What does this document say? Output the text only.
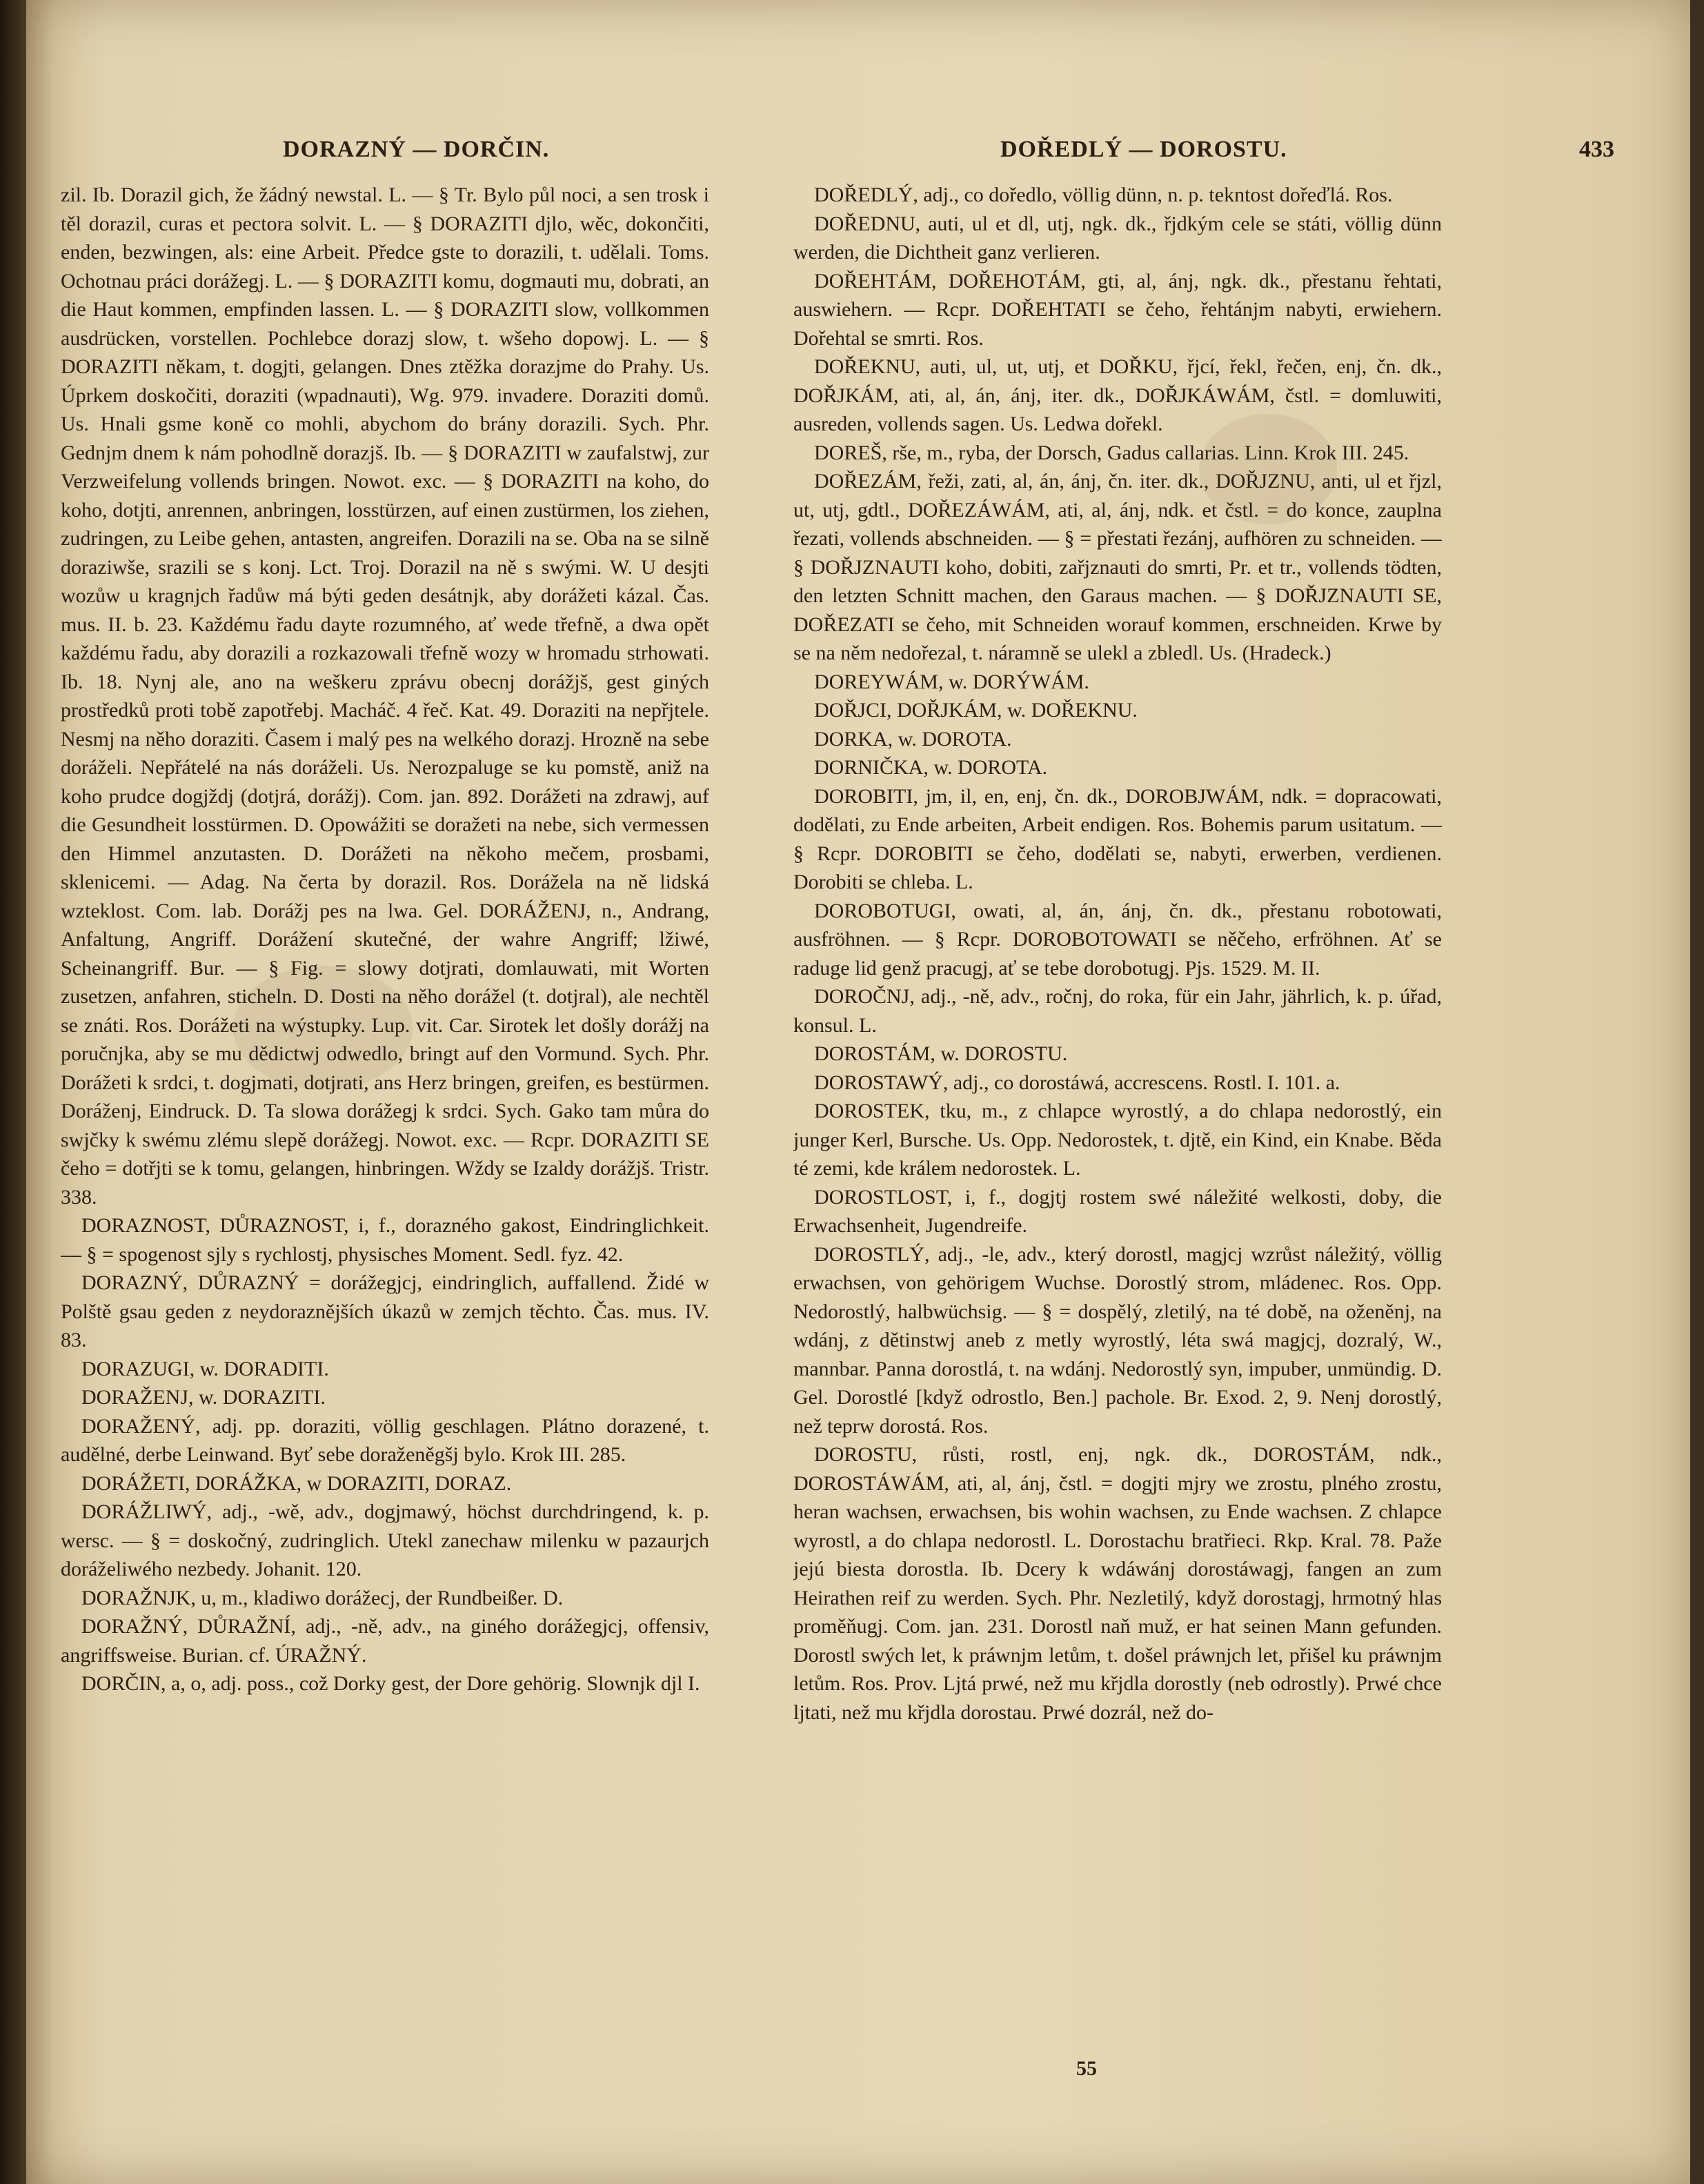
DORAZNÝ — DORČIN.	DOŘEDLÝ — DOROSTU.	433

zil. Ib. Dorazil gich, že žádný newstal. L. — § Tr. Bylo půl noci, a sen trosk i těl dorazil, curas et pectora solvit. L. — § DORAZITI djlo, wěc, dokončiti, enden, bezwingen, als: eine Arbeit. Předce gste to dorazili, t. udělali. Toms. Ochotnau práci dorážegj. L. — § DORAZITI komu, dogmauti mu, dobrati, an die Haut kommen, empfinden lassen. L. — § DORAZITI slow, vollkommen ausdrücken, vorstellen. Pochlebce dorazj slow, t. wšeho dopowj. L. — § DORAZITI někam, t. dogjti, gelangen. Dnes ztěžka dorazjme do Prahy. Us. Úprkem doskočiti, doraziti (wpadnauti), Wg. 979. invadere. Doraziti domů. Us. Hnali gsme koně co mohli, abychom do brány dorazili. Sych. Phr. Gednjm dnem k nám pohodlně dorazjš. Ib. — § DORAZITI w zaufalstwj, zur Verzweifelung vollends bringen. Nowot. exc. — § DORAZITI na koho, do koho, dotjti, anrennen, anbringen, losstürzen, auf einen zustürmen, los ziehen, zudringen, zu Leibe gehen, antasten, angreifen. Dorazili na se. Oba na se silně doraziwše, srazili se s konj. Lct. Troj. Dorazil na ně s swými. W. U desjti wozůw u kragnjch řadůw má býti geden desátnjk, aby dorážeti kázal. Čas. mus. II. b. 23. Každému řadu dayte rozumného, ať wede třefně, a dwa opět každému řadu, aby dorazili a rozkazowali třefně wozy w hromadu strhowati. Ib. 18. Nynj ale, ano na weškeru zprávu obecnj dorážjš, gest giných prostředků proti tobě zapotřebj. Macháč. 4 řeč. Kat. 49. Doraziti na nepřjtele. Nesmj na něho doraziti. Časem i malý pes na welkého dorazj. Hrozně na sebe doráželi. Nepřátelé na nás doráželi. Us. Nerozpaluge se ku pomstě, aniž na koho prudce dogjždj (dotjrá, dorážj). Com. jan. 892. Dorážeti na zdrawj, auf die Gesundheit losstürmen. D. Opowážiti se doražeti na nebe, sich vermessen den Himmel anzutasten. D. Dorážeti na někoho mečem, prosbami, sklenicemi. — Adag. Na čerta by dorazil. Ros. Dorážela na ně lidská wzteklost. Com. lab. Dorážj pes na lwa. Gel. DORÁŽENJ, n., Andrang, Anfaltung, Angriff. Dorážení skutečné, der wahre Angriff; lžiwé, Scheinangriff. Bur. — § Fig. = slowy dotjrati, domlauwati, mit Worten zusetzen, anfahren, sticheln. D. Dosti na něho dorážel (t. dotjral), ale nechtěl se znáti. Ros. Dorážeti na wýstupky. Lup. vit. Car. Sirotek let došly dorážj na poručnjka, aby se mu dědictwj odwedlo, bringt auf den Vormund. Sych. Phr. Dorážeti k srdci, t. dogjmati, dotjrati, ans Herz bringen, greifen, es bestürmen. Doráženj, Eindruck. D. Ta slowa dorážegj k srdci. Sych. Gako tam můra do swjčky k swému zlému slepě dorážegj. Nowot. exc. — Rcpr. DORAZITI SE čeho = dotřjti se k tomu, gelangen, hinbringen. Wždy se Izaldy dorážjš. Tristr. 338.

DORAZNOST, DŮRAZNOST, i, f., dorazného gakost, Eindringlichkeit. — § = spogenost sjly s rychlostj, physisches Moment. Sedl. fyz. 42.

DORAZNÝ, DŮRAZNÝ = dorážegjcj, eindringlich, auffallend. Židé w Polště gsau geden z neydoraznějších úkazů w zemjch těchto. Čas. mus. IV. 83.

DORAZUGI, w. DORADITI.

DORAŽENJ, w. DORAZITI.

DORAŽENÝ, adj. pp. doraziti, völlig geschlagen. Plátno dorazené, t. audělné, derbe Leinwand. Byť sebe doraženěgšj bylo. Krok III. 285.

DORÁŽETI, DORÁŽKA, w DORAZITI, DORAZ.

DORÁŽLIWÝ, adj., -wě, adv., dogjmawý, höchst durchdringend, k. p. wersc. — § = doskočný, zudringlich. Utekl zanechaw milenku w pazaurjch doráželiwého nezbedy. Johanit. 120.

DORAŽNJK, u, m., kladiwo dorážecj, der Rundbeißer. D.

DORAŽNÝ, DŮRAŽNÍ, adj., -ně, adv., na giného dorážegjcj, offensiv, angriffsweise. Burian. cf. ÚRAŽNÝ.

DORČIN, a, o, adj. poss., což Dorky gest, der Dore gehörig. Slownjk djl I.

DOŘEDLÝ, adj., co doředlo, völlig dünn, n. p. tekntost dořeďlá. Ros.

DOŘEDNU, auti, ul et dl, utj, ngk. dk., řjdkým cele se státi, völlig dünn werden, die Dichtheit ganz verlieren.

DOŘEHTÁM, DOŘEHOTÁM, gti, al, ánj, ngk. dk., přestanu řehtati, auswiehern. — Rcpr. DOŘEHTATI se čeho, řehtánjm nabyti, erwiehern. Dořehtal se smrti. Ros.

DOŘEKNU, auti, ul, ut, utj, et DOŘKU, řjcí, řekl, řečen, enj, čn. dk., DOŘJKÁM, ati, al, án, ánj, iter. dk., DOŘJKÁWÁM, čstl. = domluwiti, ausreden, vollends sagen. Us. Ledwa dořekl.

DOREŠ, rše, m., ryba, der Dorsch, Gadus callarias. Linn. Krok III. 245.

DOŘEZÁM, řeži, zati, al, án, ánj, čn. iter. dk., DOŘJZNU, anti, ul et řjzl, ut, utj, gdtl., DOŘEZÁWÁM, ati, al, ánj, ndk. et čstl. = do konce, zauplna řezati, vollends abschneiden. — § = přestati řezánj, aufhören zu schneiden. — § DOŘJZNAUTI koho, dobiti, zařjznauti do smrti, Pr. et tr., vollends tödten, den letzten Schnitt machen, den Garaus machen. — § DOŘJZNAUTI SE, DOŘEZATI se čeho, mit Schneiden worauf kommen, erschneiden. Krwe by se na něm nedořezal, t. náramně se ulekl a zbledl. Us. (Hradeck.)

DOREYWÁM, w. DORÝWÁM.

DOŘJCI, DOŘJKÁM, w. DOŘEKNU.

DORKA, w. DOROTA.

DORNIČKA, w. DOROTA.

DOROBITI, jm, il, en, enj, čn. dk., DOROBJWÁM, ndk. = dopracowati, dodělati, zu Ende arbeiten, Arbeit endigen. Ros. Bohemis parum usitatum. — § Rcpr. DOROBITI se čeho, dodělati se, nabyti, erwerben, verdienen. Dorobiti se chleba. L.

DOROBOTUGI, owati, al, án, ánj, čn. dk., přestanu robotowati, ausfröhnen. — § Rcpr. DOROBOTOWATI se něčeho, erfröhnen. Ať se raduge lid genž pracugj, ať se tebe dorobotugj. Pjs. 1529. M. II.

DOROČNJ, adj., -ně, adv., ročnj, do roka, für ein Jahr, jährlich, k. p. úřad, konsul. L.

DOROSTÁM, w. DOROSTU.

DOROSTAWÝ, adj., co dorostáwá, accrescens. Rostl. I. 101. a.

DOROSTEK, tku, m., z chlapce wyrostlý, a do chlapa nedorostlý, ein junger Kerl, Bursche. Us. Opp. Nedorostek, t. djtě, ein Kind, ein Knabe. Běda té zemi, kde králem nedorostek. L.

DOROSTLOST, i, f., dogjtj rostem swé náležité welkosti, doby, die Erwachsenheit, Jugendreife.

DOROSTLÝ, adj., -le, adv., který dorostl, magjcj wzrůst náležitý, völlig erwachsen, von gehörigem Wuchse. Dorostlý strom, mládenec. Ros. Opp. Nedorostlý, halbwüchsig. — § = dospělý, zletilý, na té době, na oženěnj, na wdánj, z dětinstwj aneb z metly wyrostlý, léta swá magjcj, dozralý, W., mannbar. Panna dorostlá, t. na wdánj. Nedorostlý syn, impuber, unmündig. D. Gel. Dorostlé [když odrostlo, Ben.] pachole. Br. Exod. 2, 9. Nenj dorostlý, než teprw dorostá. Ros.

DOROSTU, růsti, rostl, enj, ngk. dk., DOROSTÁM, ndk., DOROSTÁWÁM, ati, al, ánj, čstl. = dogjti mjry we zrostu, plného zrostu, heran wachsen, erwachsen, bis wohin wachsen, zu Ende wachsen. Z chlapce wyrostl, a do chlapa nedorostl. L. Dorostachu bratřieci. Rkp. Kral. 78. Paže jejú biesta dorostla. Ib. Dcery k wdáwánj dorostáwagj, fangen an zum Heirathen reif zu werden. Sych. Phr. Nezletilý, když dorostagj, hrmotný hlas proměňugj. Com. jan. 231. Dorostl naň muž, er hat seinen Mann gefunden. Dorostl swých let, k práwnjm letům, t. došel práwnjch let, přišel ku práwnjm letům. Ros. Prov. Ljtá prwé, než mu křjdla dorostly (neb odrostly). Prwé chce ljtati, než mu křjdla dorostau. Prwé dozrál, než do-

55
